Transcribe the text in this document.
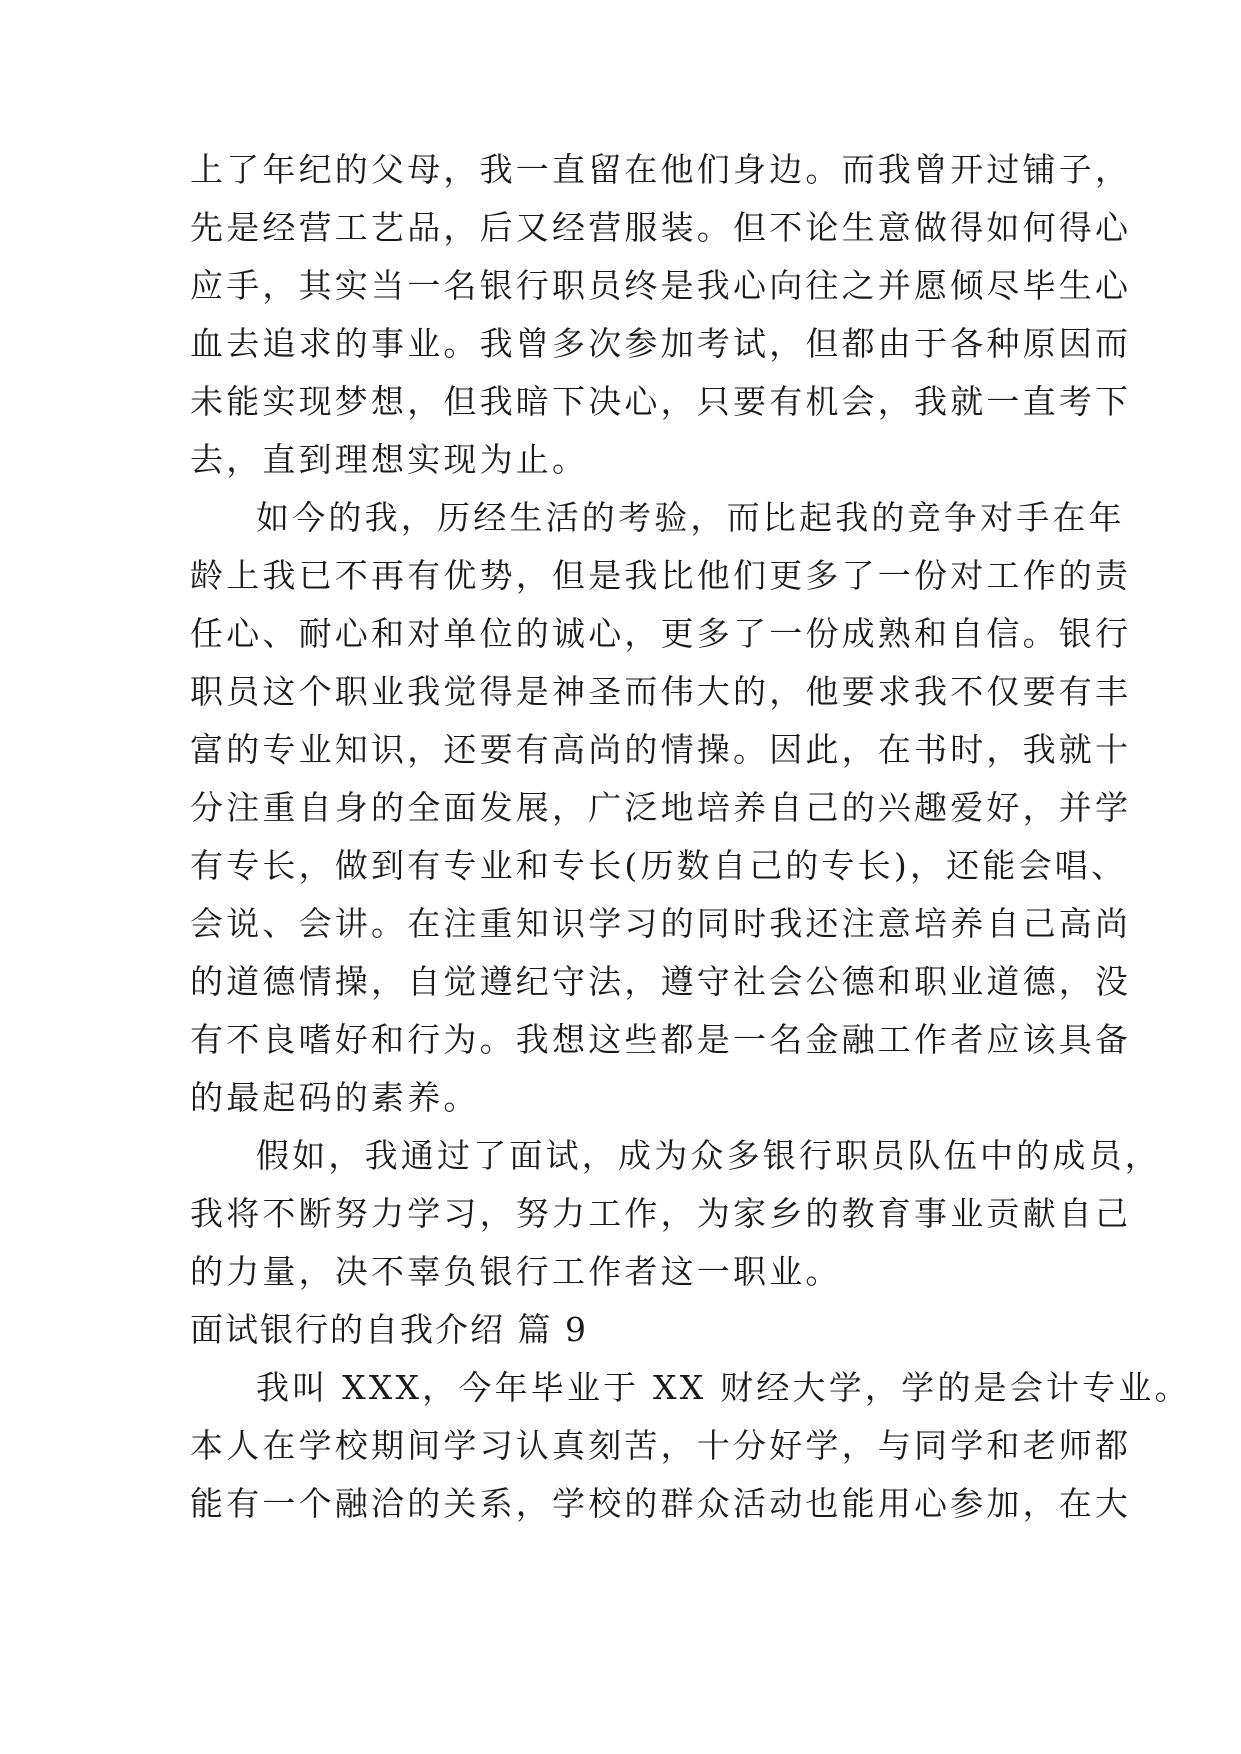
上了年纪的父母，我一直留在他们身边。而我曾开过铺子，
先是经营工艺品，后又经营服装。但不论生意做得如何得心
应手，其实当一名银行职员终是我心向往之并愿倾尽毕生心
血去追求的事业。我曾多次参加考试，但都由于各种原因而
未能实现梦想，但我暗下决心，只要有机会，我就一直考下
去，直到理想实现为止。
如今的我，历经生活的考验，而比起我的竞争对手在年
龄上我已不再有优势，但是我比他们更多了一份对工作的责
任心、耐心和对单位的诚心，更多了一份成熟和自信。银行
职员这个职业我觉得是神圣而伟大的，他要求我不仅要有丰
富的专业知识，还要有高尚的情操。因此，在书时，我就十
分注重自身的全面发展，广泛地培养自己的兴趣爱好，并学
有专长，做到有专业和专长(历数自己的专长)，还能会唱、
会说、会讲。在注重知识学习的同时我还注意培养自己高尚
的道德情操，自觉遵纪守法，遵守社会公德和职业道德，没
有不良嗜好和行为。我想这些都是一名金融工作者应该具备
的最起码的素养。
假如，我通过了面试，成为众多银行职员队伍中的成员，
我将不断努力学习，努力工作，为家乡的教育事业贡献自己
的力量，决不辜负银行工作者这一职业。
面试银行的自我介绍 篇 9
我叫 XXX，今年毕业于 XX 财经大学，学的是会计专业。
本人在学校期间学习认真刻苦，十分好学，与同学和老师都
能有一个融洽的关系，学校的群众活动也能用心参加，在大
